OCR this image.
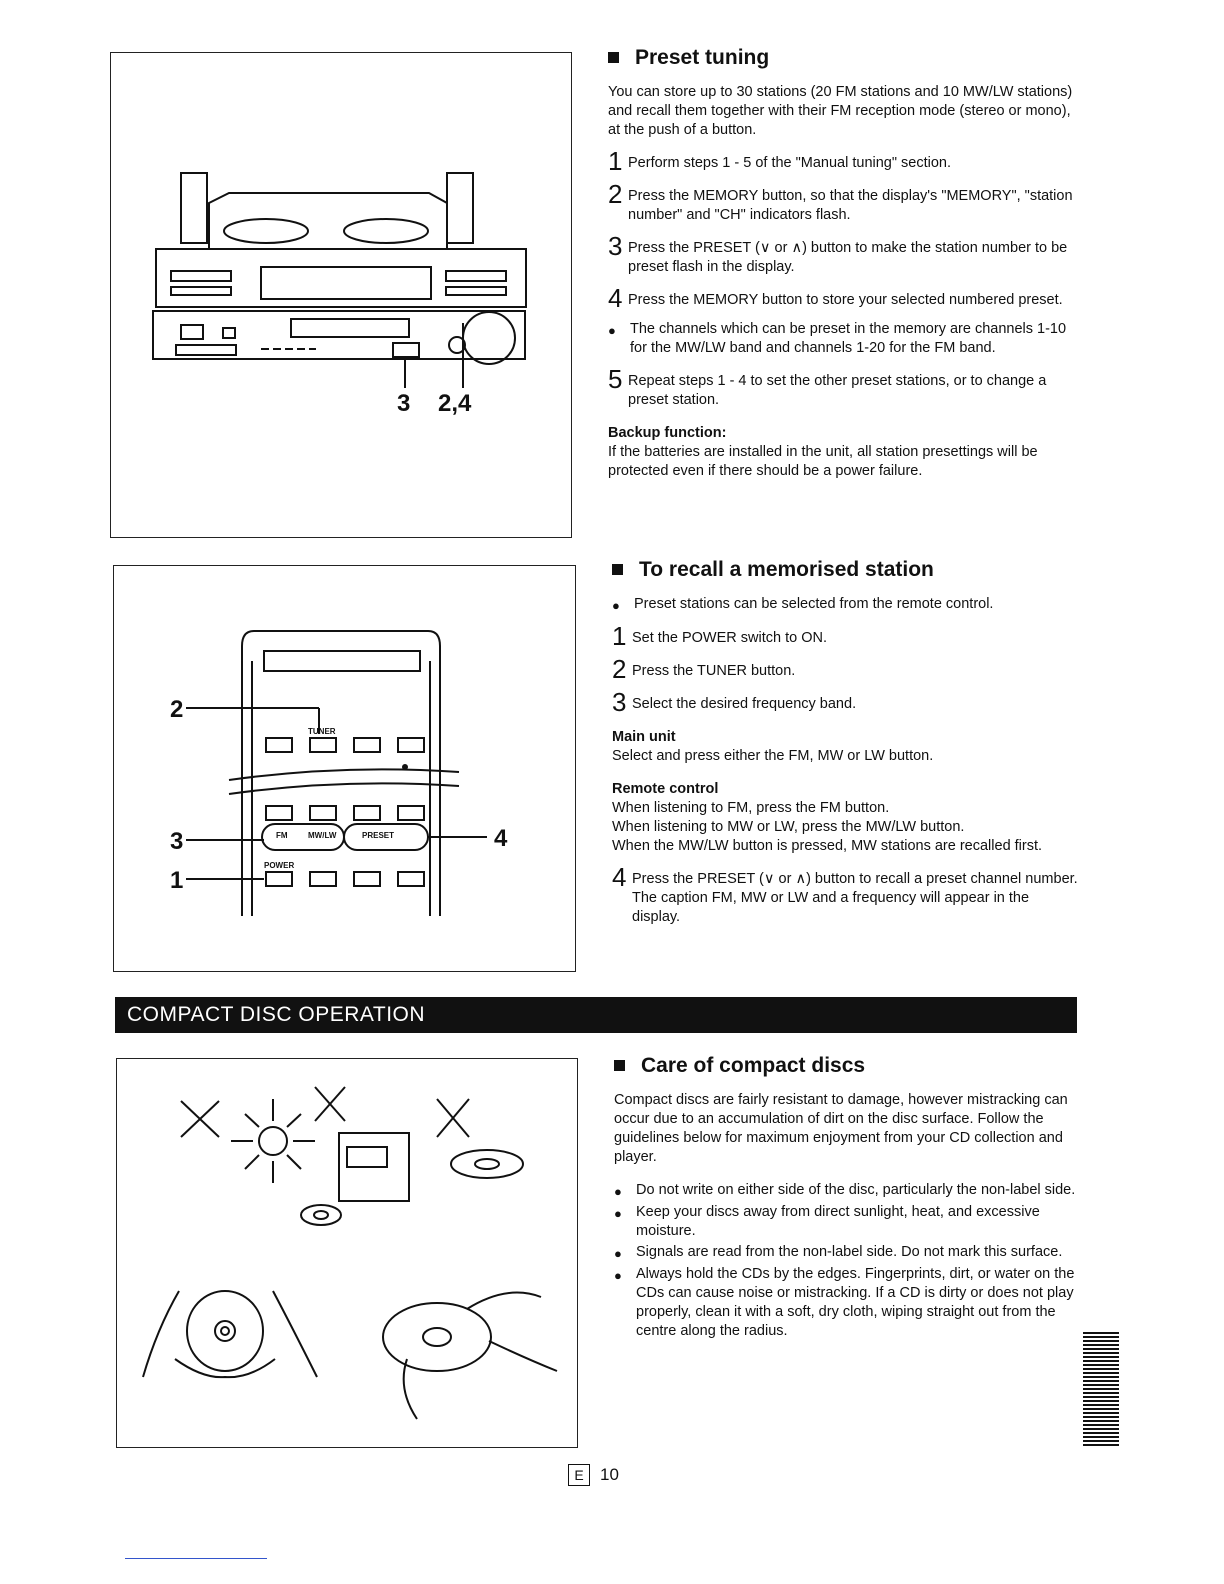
3 2,4
TUNER
FM	MW/LW	PRESET
POWER
2
3
1
4
Preset tuning

You can store up to 30 stations (20 FM stations and 10 MW/LW stations) and recall them together with their FM reception mode (stereo or mono), at the push of a button.

1 Perform steps 1 - 5 of the "Manual tuning" section.
2 Press the MEMORY button, so that the display's "MEMORY", "station number" and "CH" indicators flash.
3 Press the PRESET (∨ or ∧) button to make the station number to be preset flash in the display.
4 Press the MEMORY button to store your selected numbered preset.
● The channels which can be preset in the memory are channels 1-10 for the MW/LW band and channels 1-20 for the FM band.
5 Repeat steps 1 - 4 to set the other preset stations, or to change a preset station.

Backup function:

If the batteries are installed in the unit, all station presettings will be protected even if there should be a power failure.

To recall a memorised station
● Preset stations can be selected from the remote control.
1 Set the POWER switch to ON.
2 Press the TUNER button.
3 Select the desired frequency band.

Main unit

Select and press either the FM, MW or LW button.

Remote control

When listening to FM, press the FM button.

When listening to MW or LW, press the MW/LW button.

When the MW/LW button is pressed, MW stations are recalled first.

4 Press the PRESET (∨ or ∧) button to recall a preset channel number. The caption FM, MW or LW and a frequency will appear in the display.
COMPACT DISC OPERATION
Care of compact discs

Compact discs are fairly resistant to damage, however mistracking can occur due to an accumulation of dirt on the disc surface. Follow the guidelines below for maximum enjoyment from your CD collection and player.

● Do not write on either side of the disc, particularly the non-label side.
● Keep your discs away from direct sunlight, heat, and excessive moisture.
● Signals are read from the non-label side. Do not mark this surface.
● Always hold the CDs by the edges. Fingerprints, dirt, or water on the CDs can cause noise or mistracking. If a CD is dirty or does not play properly, clean it with a soft, dry cloth, wiping straight out from the centre along the radius.
E 10
